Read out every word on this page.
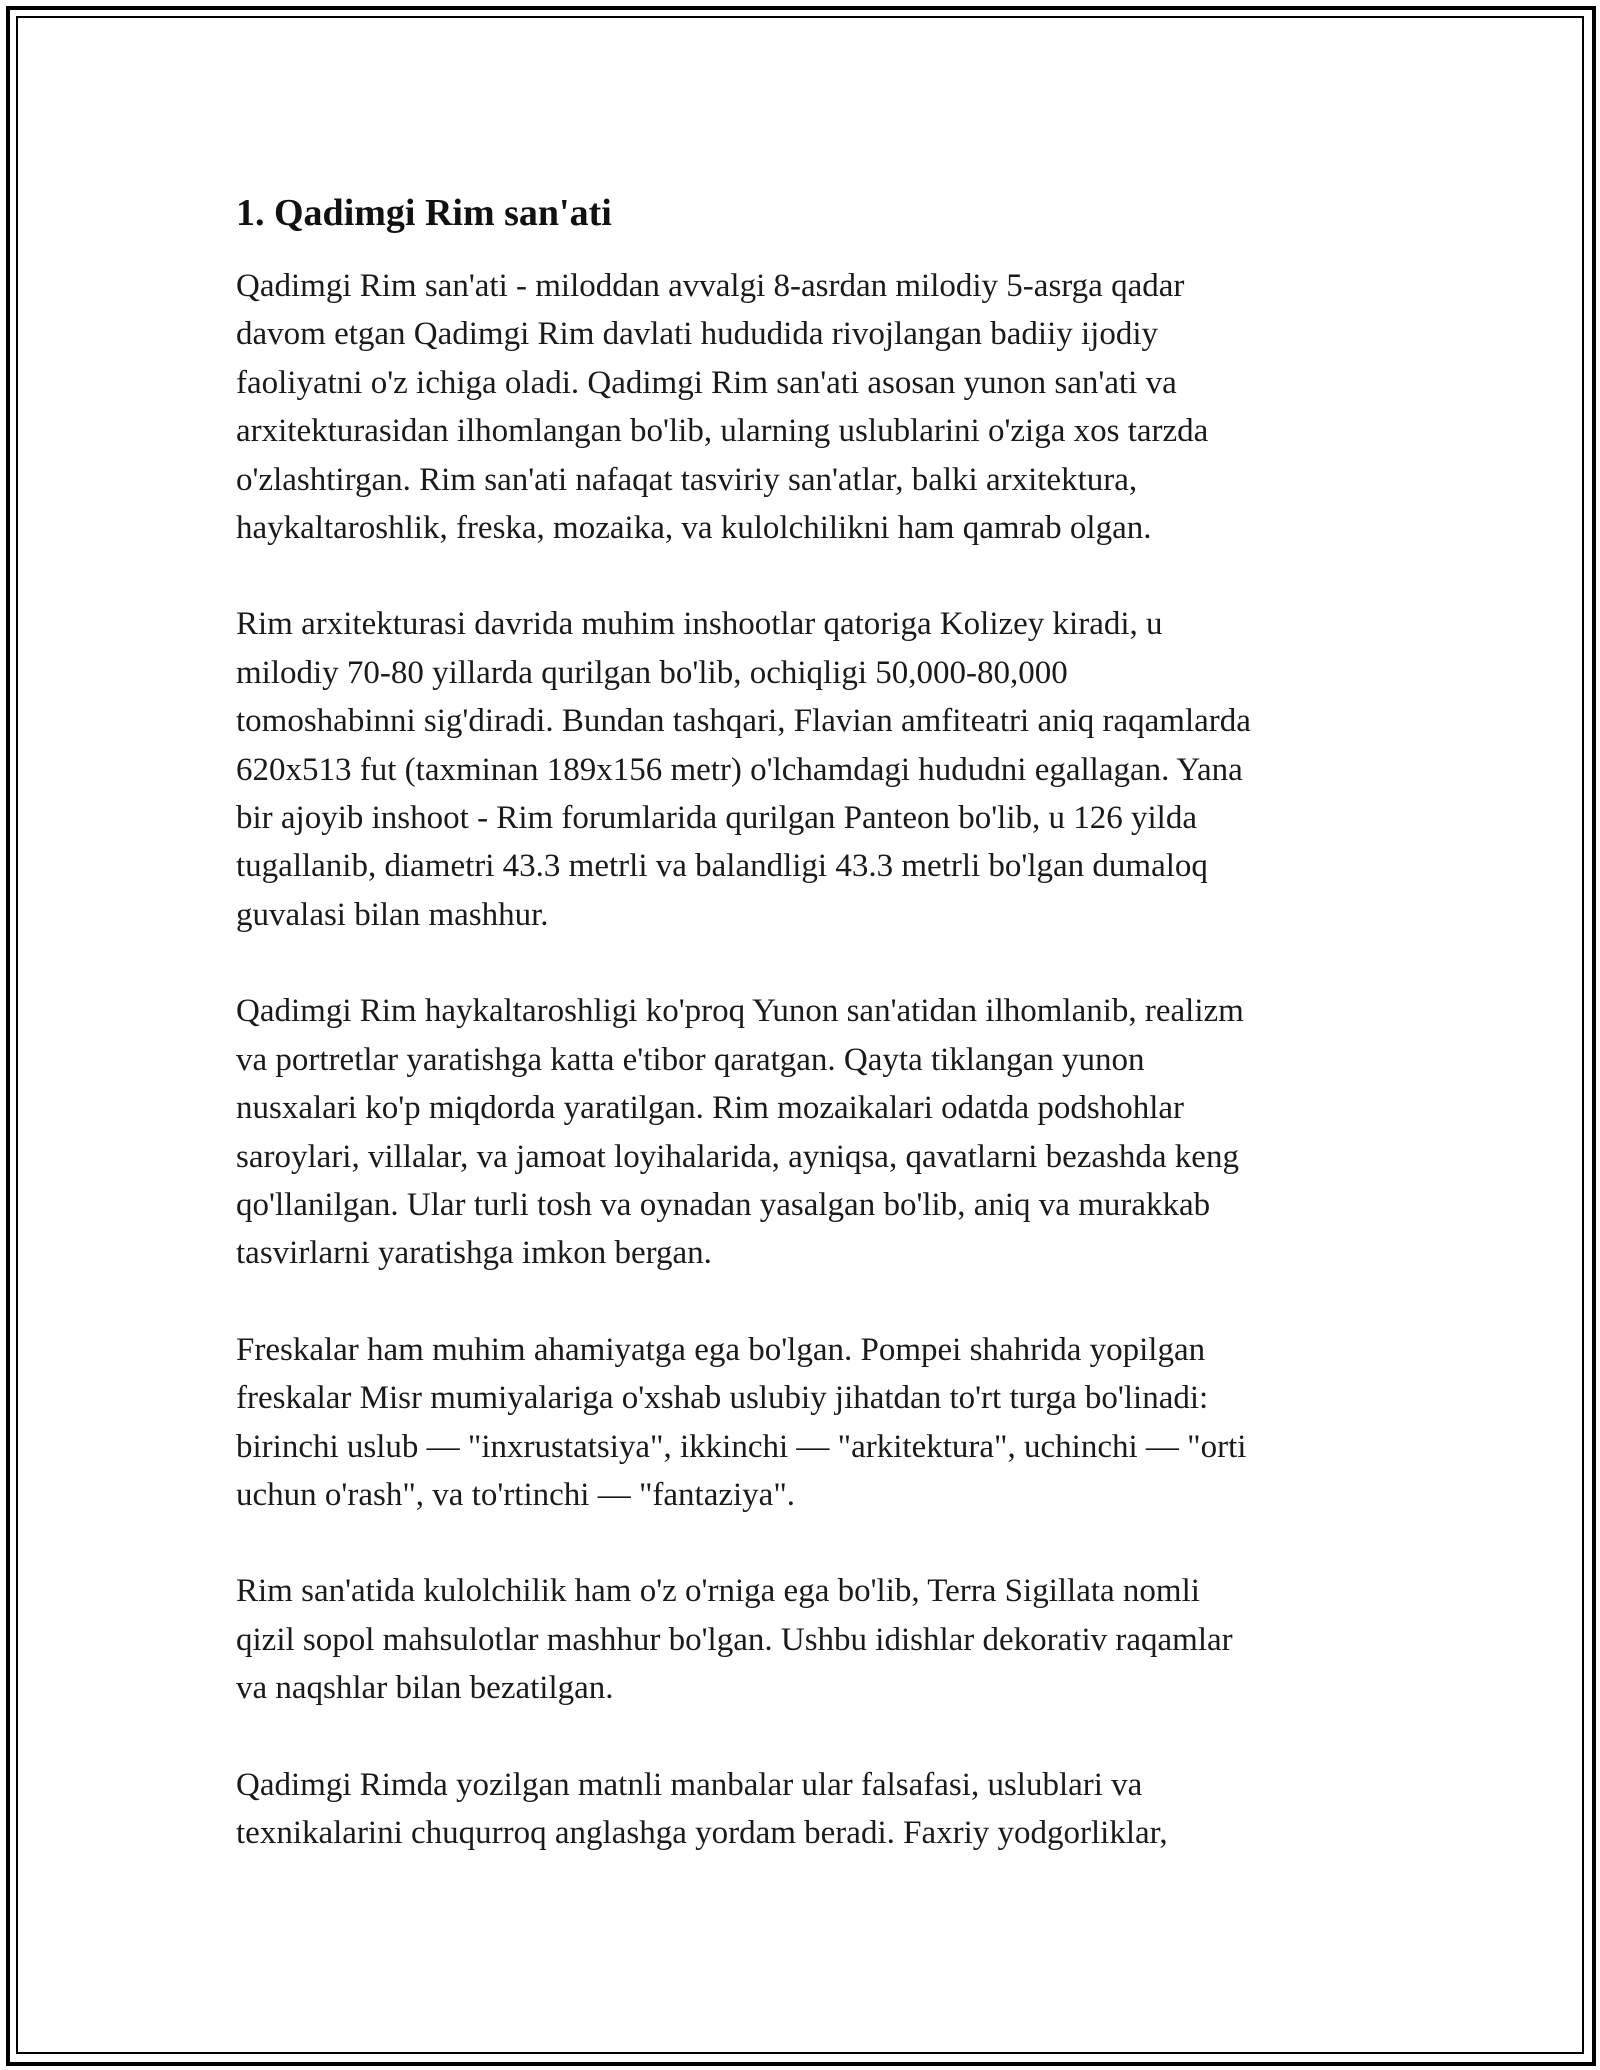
1. Qadimgi Rim san'ati

Qadimgi Rim san'ati - miloddan avvalgi 8-asrdan milodiy 5-asrga qadar
davom etgan Qadimgi Rim davlati hududida rivojlangan badiiy ijodiy
faoliyatni o'z ichiga oladi. Qadimgi Rim san'ati asosan yunon san'ati va
arxitekturasidan ilhomlangan bo'lib, ularning uslublarini o'ziga xos tarzda
o'zlashtirgan. Rim san'ati nafaqat tasviriy san'atlar, balki arxitektura,
haykaltaroshlik, freska, mozaika, va kulolchilikni ham qamrab olgan.

Rim arxitekturasi davrida muhim inshootlar qatoriga Kolizey kiradi, u
milodiy 70-80 yillarda qurilgan bo'lib, ochiqligi 50,000-80,000
tomoshabinni sig'diradi. Bundan tashqari, Flavian amfiteatri aniq raqamlarda
620x513 fut (taxminan 189x156 metr) o'lchamdagi hududni egallagan. Yana
bir ajoyib inshoot - Rim forumlarida qurilgan Panteon bo'lib, u 126 yilda
tugallanib, diametri 43.3 metrli va balandligi 43.3 metrli bo'lgan dumaloq
guvalasi bilan mashhur.

Qadimgi Rim haykaltaroshligi ko'proq Yunon san'atidan ilhomlanib, realizm
va portretlar yaratishga katta e'tibor qaratgan. Qayta tiklangan yunon
nusxalari ko'p miqdorda yaratilgan. Rim mozaikalari odatda podshohlar
saroylari, villalar, va jamoat loyihalarida, ayniqsa, qavatlarni bezashda keng
qo'llanilgan. Ular turli tosh va oynadan yasalgan bo'lib, aniq va murakkab
tasvirlarni yaratishga imkon bergan.

Freskalar ham muhim ahamiyatga ega bo'lgan. Pompei shahrida yopilgan
freskalar Misr mumiyalariga o'xshab uslubiy jihatdan to'rt turga bo'linadi:
birinchi uslub — "inxrustatsiya", ikkinchi — "arkitektura", uchinchi — "orti
uchun o'rash", va to'rtinchi — "fantaziya".

Rim san'atida kulolchilik ham o'z o'rniga ega bo'lib, Terra Sigillata nomli
qizil sopol mahsulotlar mashhur bo'lgan. Ushbu idishlar dekorativ raqamlar
va naqshlar bilan bezatilgan.

Qadimgi Rimda yozilgan matnli manbalar ular falsafasi, uslublari va
texnikalarini chuqurroq anglashga yordam beradi. Faxriy yodgorliklar,
